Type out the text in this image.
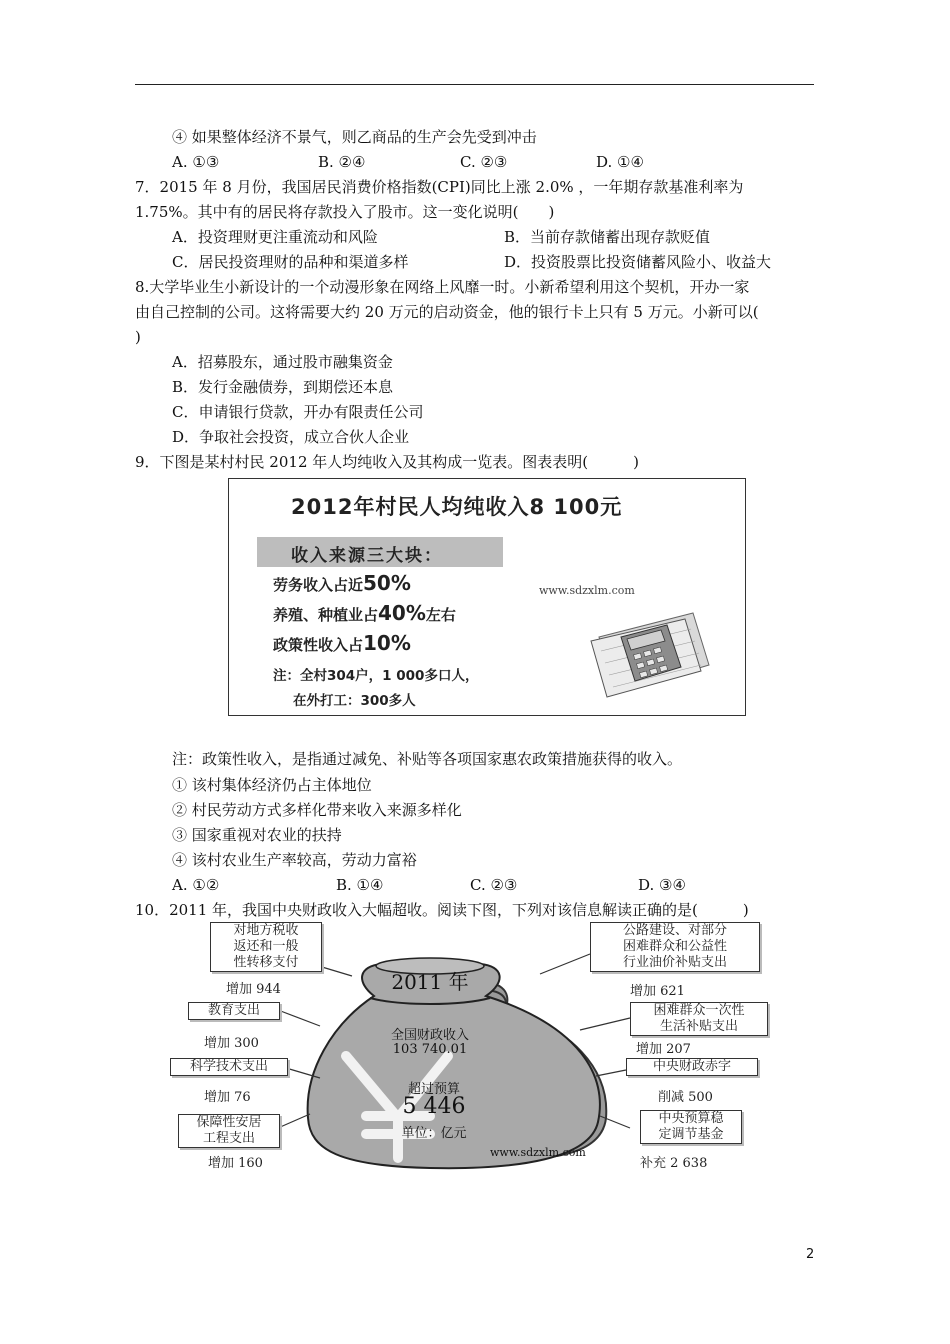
④ 如果整体经济不景气，则乙商品的生产会先受到冲击
A. ①③	B. ②④	C. ②③	D. ①④
7．2015 年 8 月份，我国居民消费价格指数(CPI)同比上涨 2.0% ，一年期存款基准利率为
1.75%。其中有的居民将存款投入了股市。这一变化说明(　　)
A．投资理财更注重流动和风险	B．当前存款储蓄出现存款贬值
C．居民投资理财的品种和渠道多样	D．投资股票比投资储蓄风险小、收益大
8.大学毕业生小新设计的一个动漫形象在网络上风靡一时。小新希望利用这个契机，开办一家
由自己控制的公司。这将需要大约 20 万元的启动资金，他的银行卡上只有 5 万元。小新可以(
)
A．招募股东，通过股市融集资金
B．发行金融债券，到期偿还本息
C．申请银行贷款，开办有限责任公司
D．争取社会投资，成立合伙人企业
9．下图是某村村民 2012 年人均纯收入及其构成一览表。图表表明(　　　)
2012年村民人均纯收入8 100元
收入来源三大块：
劳务收入占近50%
养殖、种植业占40%左右
政策性收入占10%
注：全村304户，1 000多口人，
在外打工：300多人
www.sdzxlm.com
注：政策性收入，是指通过减免、补贴等各项国家惠农政策措施获得的收入。
① 该村集体经济仍占主体地位
② 村民劳动方式多样化带来收入来源多样化
③ 国家重视对农业的扶持
④ 该村农业生产率较高，劳动力富裕
A. ①②	B. ①④	C. ②③	D. ③④
10．2011 年，我国中央财政收入大幅超收。阅读下图，下列对该信息解读正确的是(　　　)
2011 年
全国财政收入
103 740.01
超过预算
5 446
单位：亿元
www.sdzxlm.com
对地方税收
返还和一般
性转移支付
增加 944
教育支出
增加 300
科学技术支出
增加 76
保障性安居
工程支出
增加 160
公路建设、对部分
困难群众和公益性
行业油价补贴支出
增加 621
困难群众一次性
生活补贴支出
增加 207
中央财政赤字
削减 500
中央预算稳
定调节基金
补充 2 638
2
